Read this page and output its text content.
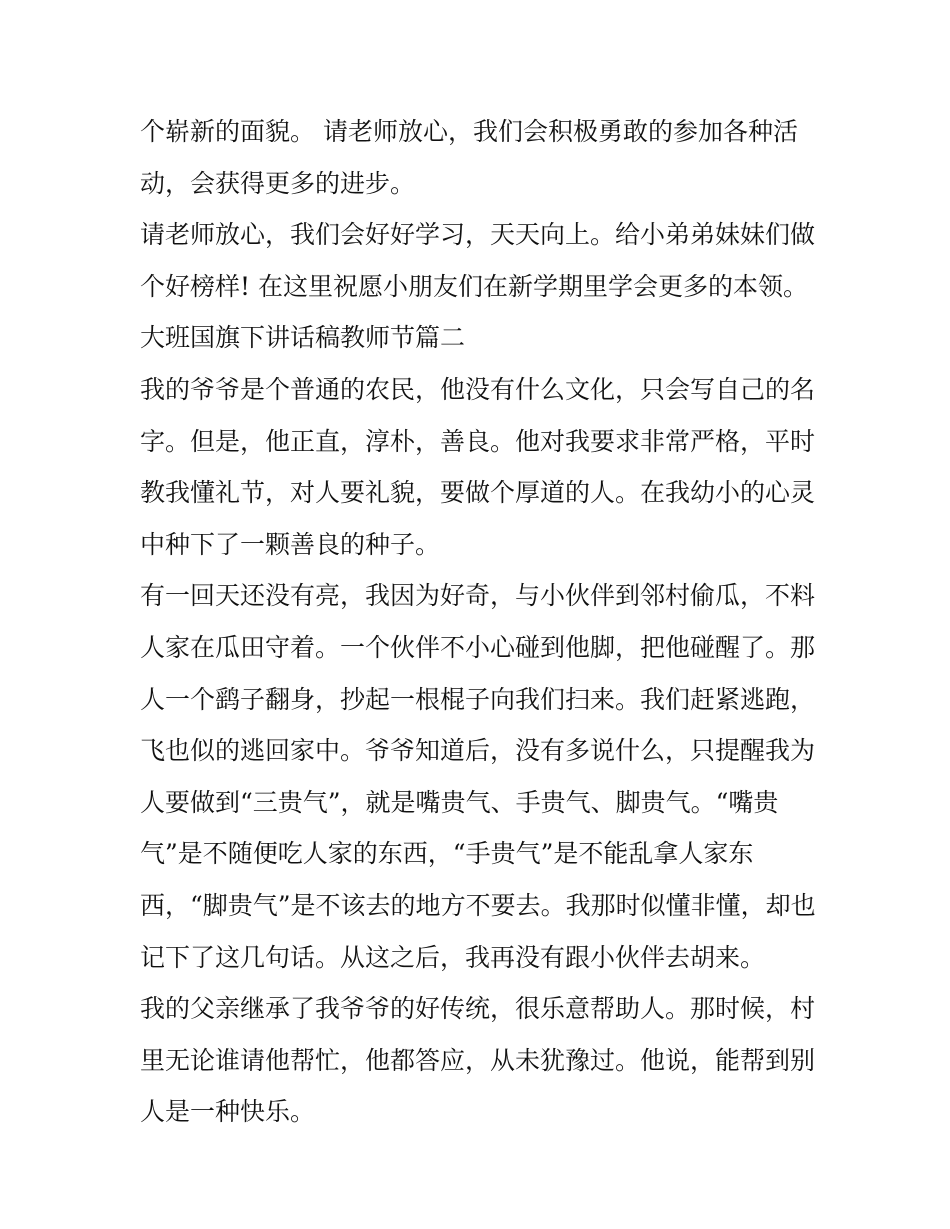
个崭新的面貌。 请老师放心，我们会积极勇敢的参加各种活
动，会获得更多的进步。
请老师放心，我们会好好学习，天天向上。给小弟弟妹妹们做
个好榜样! 在这里祝愿小朋友们在新学期里学会更多的本领。
大班国旗下讲话稿教师节篇二
我的爷爷是个普通的农民，他没有什么文化，只会写自己的名
字。但是，他正直，淳朴，善良。他对我要求非常严格，平时
教我懂礼节，对人要礼貌，要做个厚道的人。在我幼小的心灵
中种下了一颗善良的种子。
有一回天还没有亮，我因为好奇，与小伙伴到邻村偷瓜，不料
人家在瓜田守着。一个伙伴不小心碰到他脚，把他碰醒了。那
人一个鹞子翻身，抄起一根棍子向我们扫来。我们赶紧逃跑，
飞也似的逃回家中。爷爷知道后，没有多说什么，只提醒我为
人要做到“三贵气”，就是嘴贵气、手贵气、脚贵气。“嘴贵
气”是不随便吃人家的东西，“手贵气”是不能乱拿人家东
西，“脚贵气”是不该去的地方不要去。我那时似懂非懂，却也
记下了这几句话。从这之后，我再没有跟小伙伴去胡来。
我的父亲继承了我爷爷的好传统，很乐意帮助人。那时候，村
里无论谁请他帮忙，他都答应，从未犹豫过。他说，能帮到别
人是一种快乐。
